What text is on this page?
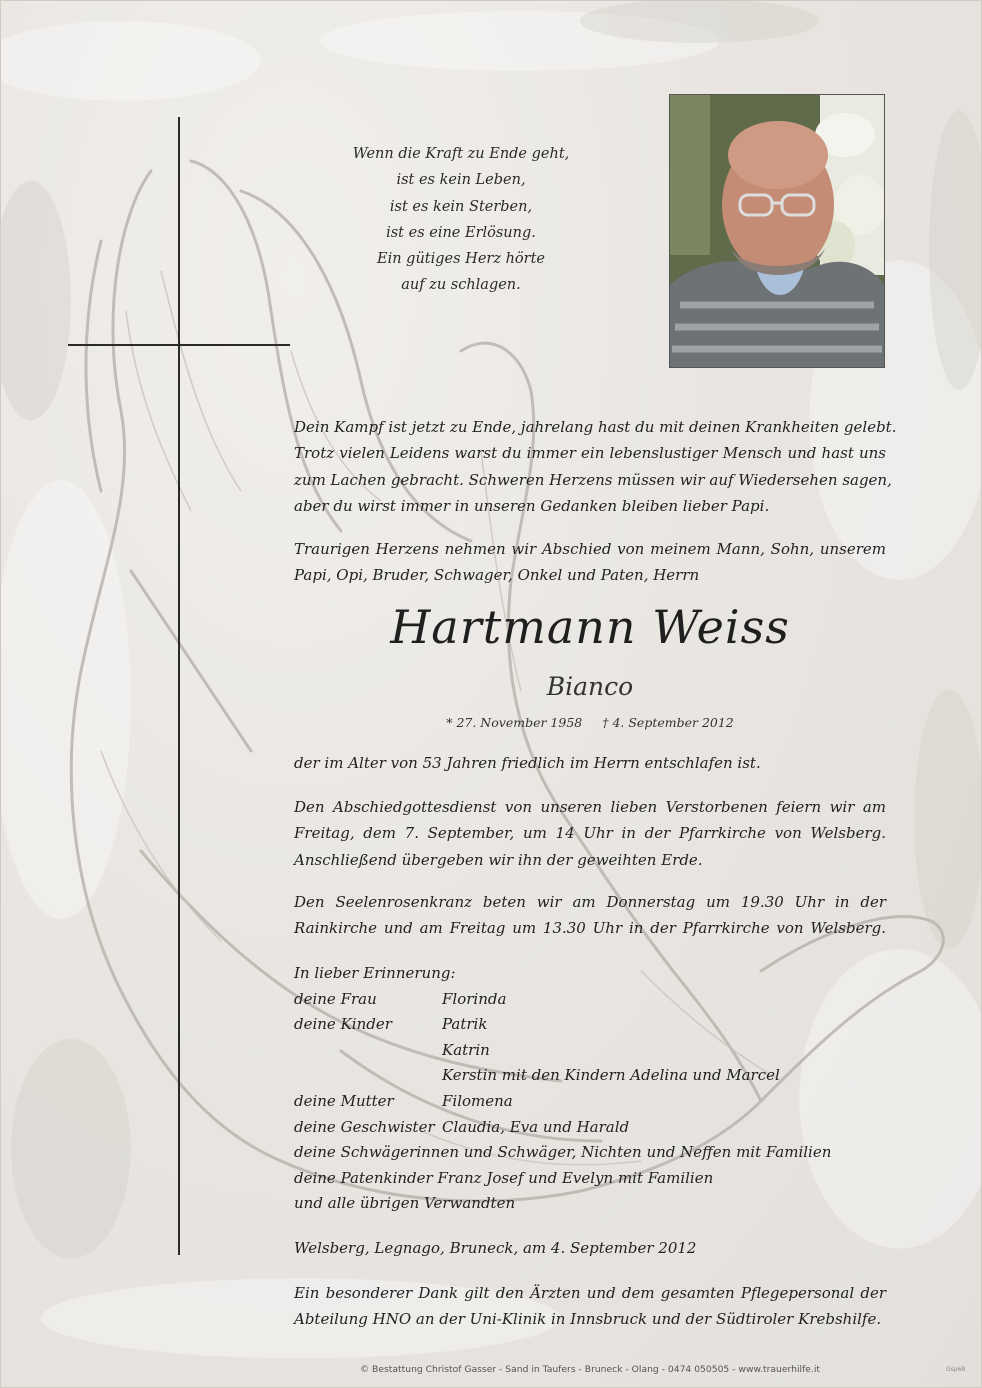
Wenn die Kraft zu Ende geht,
ist es kein Leben,
ist es kein Sterben,
ist es eine Erlösung.
Ein gütiges Herz hörte
auf zu schlagen.
Dein Kampf ist jetzt zu Ende, jahrelang hast du mit deinen Krankheiten gelebt.
Trotz vielen Leidens warst du immer ein lebenslustiger Mensch und hast uns
zum Lachen gebracht. Schweren Herzens müssen wir auf Wiedersehen sagen,
aber du wirst immer in unseren Gedanken bleiben lieber Papi.
Traurigen Herzens nehmen wir Abschied von meinem Mann, Sohn, unserem
Papi, Opi, Bruder, Schwager, Onkel und Paten, Herrn
Hartmann Weiss
Bianco
* 27. November 1958 † 4. September 2012
der im Alter von 53 Jahren friedlich im Herrn entschlafen ist.
Den Abschiedgottesdienst von unseren lieben Verstorbenen feiern wir am
Freitag, dem 7. September, um 14 Uhr in der Pfarrkirche von Welsberg.
Anschließend übergeben wir ihn der geweihten Erde.
Den Seelenrosenkranz beten wir am Donnerstag um 19.30 Uhr in der
Rainkirche und am Freitag um 13.30 Uhr in der Pfarrkirche von Welsberg.
In lieber Erinnerung:
deine Frau	Florinda
deine Kinder	Patrik
Katrin
Kerstin mit den Kindern Adelina und Marcel
deine Mutter	Filomena
deine Geschwister Claudia, Eva und Harald
deine Schwägerinnen und Schwäger, Nichten und Neffen mit Familien
deine Patenkinder Franz Josef und Evelyn mit Familien
und alle übrigen Verwandten
Welsberg, Legnago, Bruneck, am 4. September 2012
Ein besonderer Dank gilt den Ärzten und dem gesamten Pflegepersonal der
Abteilung HNO an der Uni-Klinik in Innsbruck und der Südtiroler Krebshilfe.
© Bestattung Christof Gasser - Sand in Taufers - Bruneck - Olang - 0474 050505 - www.trauerhilfe.it	Gsp68
